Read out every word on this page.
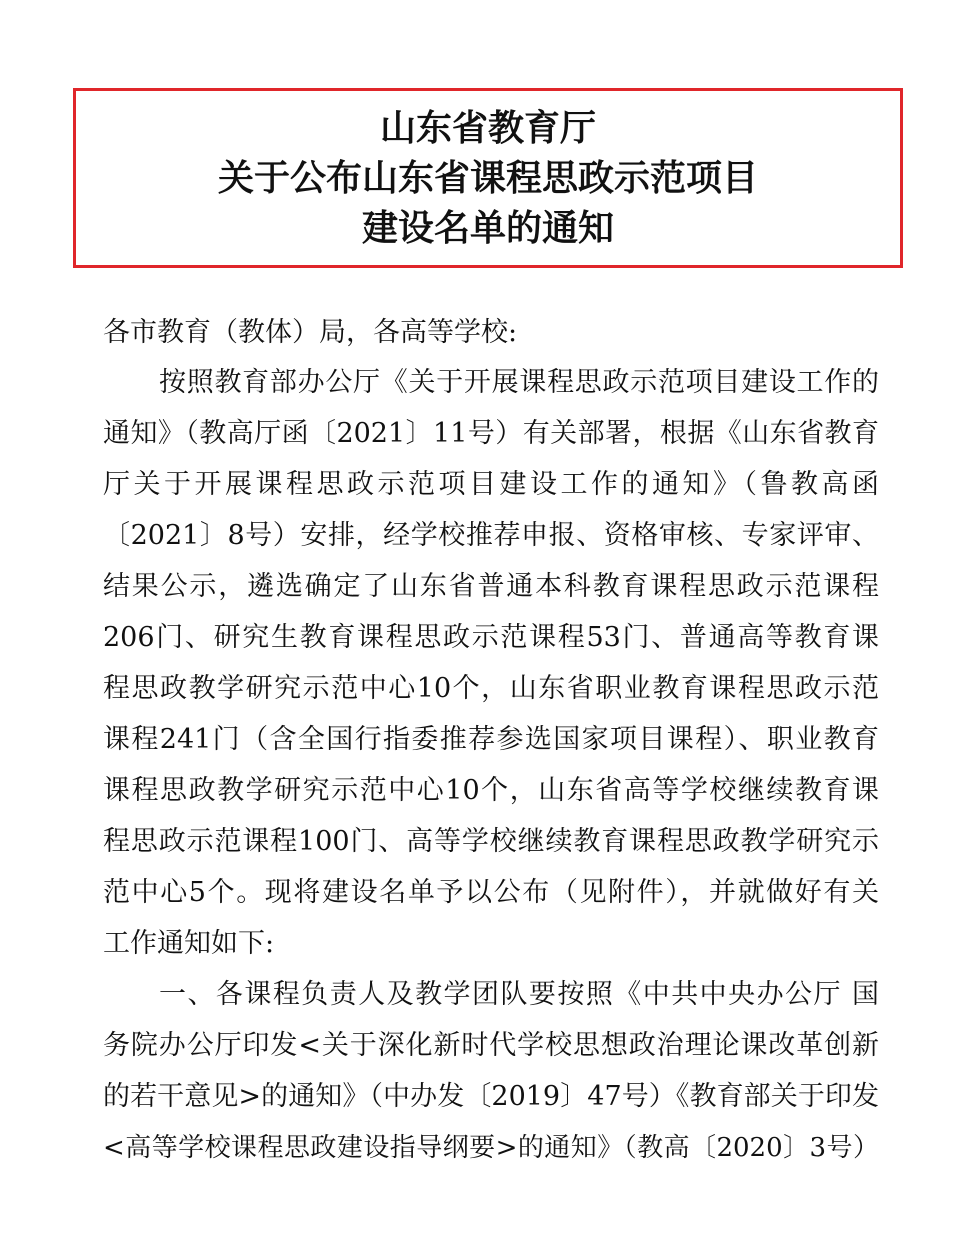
山东省教育厅
关于公布山东省课程思政示范项目
建设名单的通知
各市教育（教体）局，各高等学校:
按照教育部办公厅《关于开展课程思政示范项目建设工作的
通知》（教高厅函〔2021〕11号）有关部署，根据《山东省教育
厅关于开展课程思政示范项目建设工作的通知》（鲁教高函
〔2021〕8号）安排，经学校推荐申报、资格审核、专家评审、
结果公示，遴选确定了山东省普通本科教育课程思政示范课程
206门、研究生教育课程思政示范课程53门、普通高等教育课
程思政教学研究示范中心10个，山东省职业教育课程思政示范
课程241门（含全国行指委推荐参选国家项目课程）、职业教育
课程思政教学研究示范中心10个，山东省高等学校继续教育课
程思政示范课程100门、高等学校继续教育课程思政教学研究示
范中心5个。现将建设名单予以公布（见附件），并就做好有关
工作通知如下:
一、各课程负责人及教学团队要按照《中共中央办公厅 国
务院办公厅印发<关于深化新时代学校思想政治理论课改革创新
的若干意见>的通知》（中办发〔2019〕47号）《教育部关于印发
<高等学校课程思政建设指导纲要>的通知》（教高〔2020〕3号）
